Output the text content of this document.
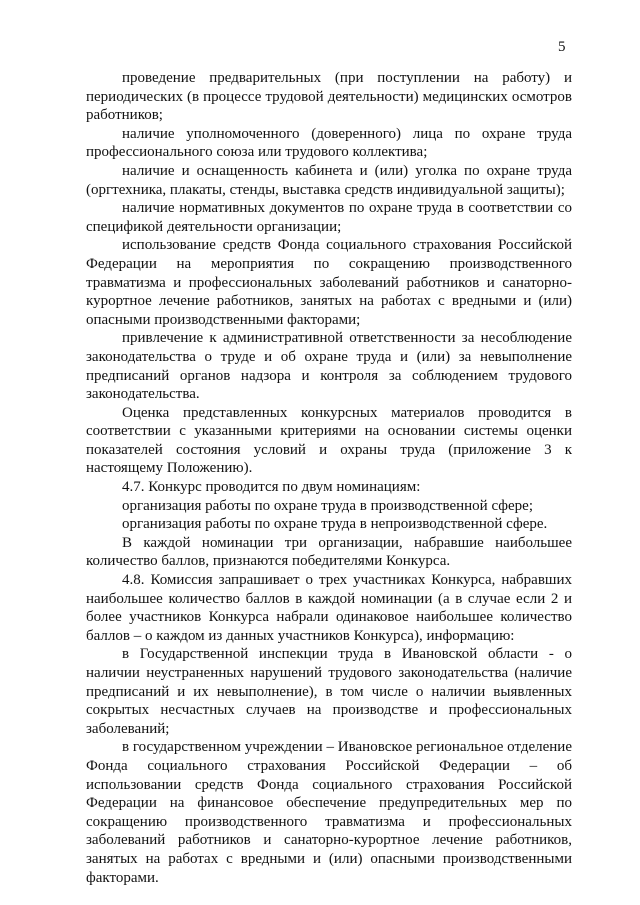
5

проведение предварительных (при поступлении на работу) и периодических (в процессе трудовой деятельности) медицинских осмотров работников;

наличие уполномоченного (доверенного) лица по охране труда профессионального союза или трудового коллектива;

наличие и оснащенность кабинета и (или) уголка по охране труда (оргтехника, плакаты, стенды, выставка средств индивидуальной защиты);

наличие нормативных документов по охране труда в соответствии со спецификой деятельности организации;

использование средств Фонда социального страхования Российской Федерации на мероприятия по сокращению производственного травматизма и профессиональных заболеваний работников и санаторно-курортное лечение работников, занятых на работах с вредными и (или) опасными производственными факторами;

привлечение к административной ответственности за несоблюдение законодательства о труде и об охране труда и (или) за невыполнение предписаний органов надзора и контроля за соблюдением трудового законодательства.

Оценка представленных конкурсных материалов проводится в соответствии с указанными критериями на основании системы оценки показателей состояния условий и охраны труда (приложение 3 к настоящему Положению).

4.7. Конкурс проводится по двум номинациям:

организация работы по охране труда в производственной сфере;

организация работы по охране труда в непроизводственной сфере.

В каждой номинации три организации, набравшие наибольшее количество баллов, признаются победителями Конкурса.

4.8. Комиссия запрашивает о трех участниках Конкурса, набравших наибольшее количество баллов в каждой номинации (а в случае если 2 и более участников Конкурса набрали одинаковое наибольшее количество баллов – о каждом из данных участников Конкурса), информацию:

в Государственной инспекции труда в Ивановской области - о наличии неустраненных нарушений трудового законодательства (наличие предписаний и их невыполнение), в том числе о наличии выявленных сокрытых несчастных случаев на производстве и профессиональных заболеваний;

в государственном учреждении – Ивановское региональное отделение Фонда социального страхования Российской Федерации – об использовании средств Фонда социального страхования Российской Федерации на финансовое обеспечение предупредительных мер по сокращению производственного травматизма и профессиональных заболеваний работников и санаторно-курортное лечение работников, занятых на работах с вредными и (или) опасными производственными факторами.
